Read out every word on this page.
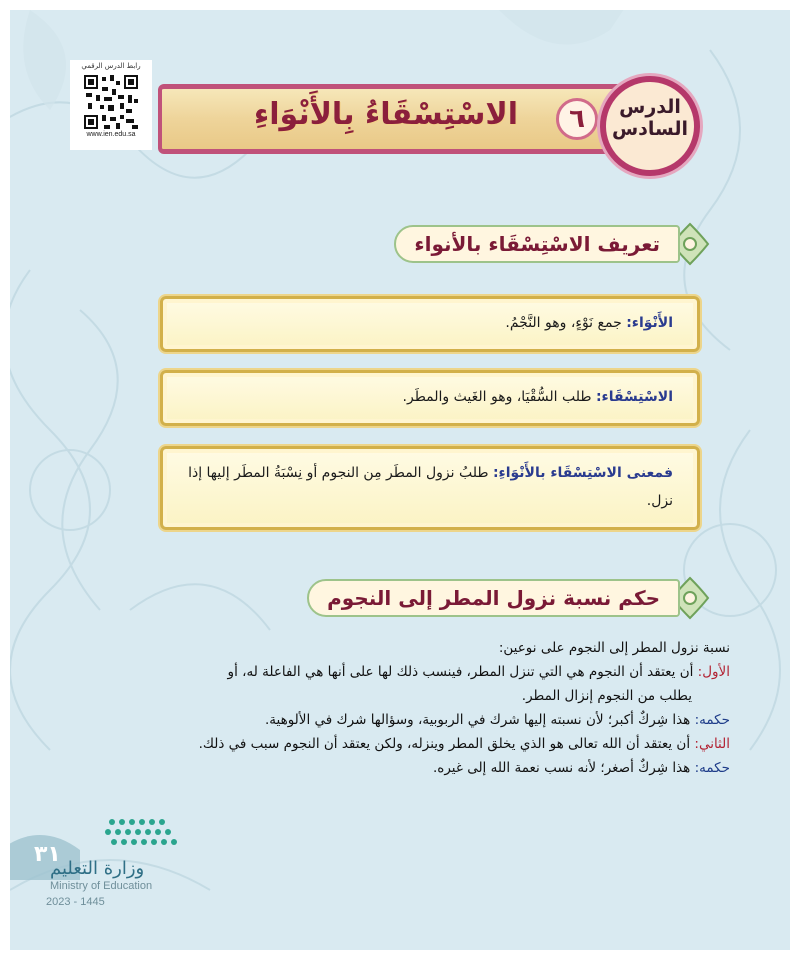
رابط الدرس الرقمي
www.ien.edu.sa
الاسْتِسْقَاءُ بِالأَنْوَاءِ	٦	الدرس
السادس
تعريف الاسْتِسْقَاء بالأنواء
الأَنْوَاء: جمع نَوْءٍ، وهو النَّجْمُ.
الاسْتِسْقَاء: طلب السُّقْيَا، وهو الغَيث والمطَر.
فمعنى الاسْتِسْقَاء بالأَنْوَاءِ: طلبُ نزول المطَر مِن النجوم أو نِسْبَةُ المطَر إليها إذا نزل.
حكم نسبة نزول المطر إلى النجوم

نسبة نزول المطر إلى النجوم على نوعين:

الأول: أن يعتقد أن النجوم هي التي تنزل المطر، فينسب ذلك لها على أنها هي الفاعلة له، أو

يطلب من النجوم إنزال المطر.

حكمه: هذا شِركٌ أكبر؛ لأن نسبته إليها شرك في الربوبية، وسؤالها شرك في الألوهية.

الثاني: أن يعتقد أن الله تعالى هو الذي يخلق المطر وينزله، ولكن يعتقد أن النجوم سبب في ذلك.

حكمه: هذا شِركٌ أصغر؛ لأنه نسب نعمة الله إلى غيره.

٣١
وزارة التعليم
Ministry of Education
2023 - 1445
